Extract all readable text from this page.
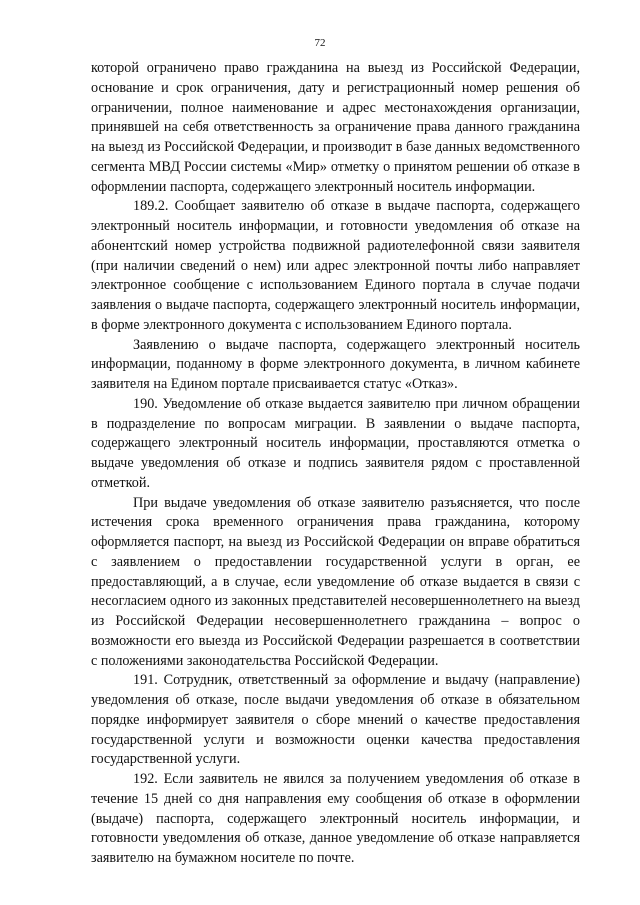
72

которой ограничено право гражданина на выезд из Российской Федерации, основание и срок ограничения, дату и регистрационный номер решения об ограничении, полное наименование и адрес местонахождения организации, принявшей на себя ответственность за ограничение права данного гражданина на выезд из Российской Федерации, и производит в базе данных ведомственного сегмента МВД России системы «Мир» отметку о принятом решении об отказе в оформлении паспорта, содержащего электронный носитель информации.

189.2. Сообщает заявителю об отказе в выдаче паспорта, содержащего электронный носитель информации, и готовности уведомления об отказе на абонентский номер устройства подвижной радиотелефонной связи заявителя (при наличии сведений о нем) или адрес электронной почты либо направляет электронное сообщение с использованием Единого портала в случае подачи заявления о выдаче паспорта, содержащего электронный носитель информации, в форме электронного документа с использованием Единого портала.

Заявлению о выдаче паспорта, содержащего электронный носитель информации, поданному в форме электронного документа, в личном кабинете заявителя на Едином портале присваивается статус «Отказ».

190. Уведомление об отказе выдается заявителю при личном обращении в подразделение по вопросам миграции. В заявлении о выдаче паспорта, содержащего электронный носитель информации, проставляются отметка о выдаче уведомления об отказе и подпись заявителя рядом с проставленной отметкой.

При выдаче уведомления об отказе заявителю разъясняется, что после истечения срока временного ограничения права гражданина, которому оформляется паспорт, на выезд из Российской Федерации он вправе обратиться с заявлением о предоставлении государственной услуги в орган, ее предоставляющий, а в случае, если уведомление об отказе выдается в связи с несогласием одного из законных представителей несовершеннолетнего на выезд из Российской Федерации несовершеннолетнего гражданина – вопрос о возможности его выезда из Российской Федерации разрешается в соответствии с положениями законодательства Российской Федерации.

191. Сотрудник, ответственный за оформление и выдачу (направление) уведомления об отказе, после выдачи уведомления об отказе в обязательном порядке информирует заявителя о сборе мнений о качестве предоставления государственной услуги и возможности оценки качества предоставления государственной услуги.

192. Если заявитель не явился за получением уведомления об отказе в течение 15 дней со дня направления ему сообщения об отказе в оформлении (выдаче) паспорта, содержащего электронный носитель информации, и готовности уведомления об отказе, данное уведомление об отказе направляется заявителю на бумажном носителе по почте.
